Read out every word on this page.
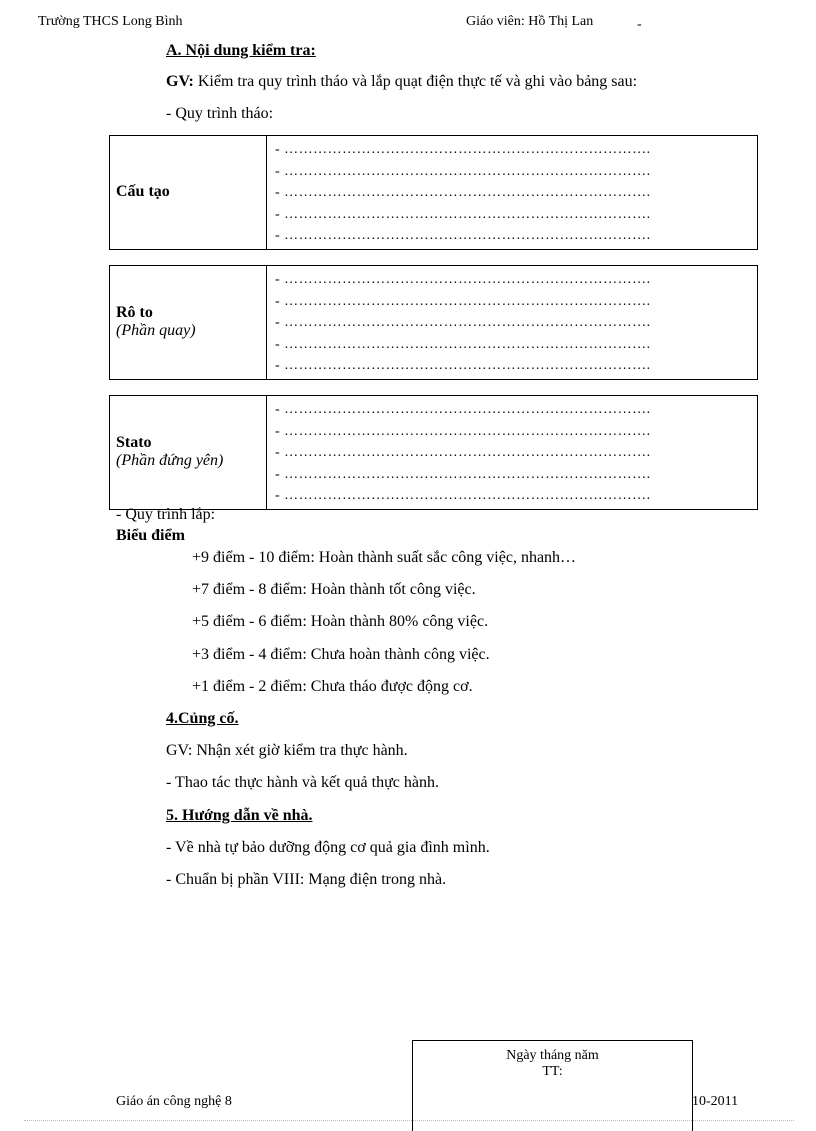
Trường THCS Long Bình	Giáo viên: Hồ Thị Lan	-
A. Nội dung kiểm tra:
GV: Kiểm tra quy trình tháo và lắp quạt điện thực tế và ghi vào bảng sau:
- Quy trình tháo:
Cấu tạo

- ………………………………………………………………….
- ………………………………………………………………….
- ………………………………………………………………….
- ………………………………………………………………….
- ………………………………………………………………….
Rô to
(Phần quay)

- ………………………………………………………………….
- ………………………………………………………………….
- ………………………………………………………………….
- ………………………………………………………………….
- ………………………………………………………………….
Stato
(Phần đứng yên)

- ………………………………………………………………….
- ………………………………………………………………….
- ………………………………………………………………….
- ………………………………………………………………….
- ………………………………………………………………….
- Quy trình lắp:
Biểu điểm
+9 điểm - 10 điểm: Hoàn thành suất sắc công việc, nhanh…
+7 điểm - 8 điểm: Hoàn thành tốt công việc.
+5 điểm - 6 điểm: Hoàn thành 80% công việc.
+3 điểm - 4 điểm: Chưa hoàn thành công việc.
+1 điểm - 2 điểm: Chưa tháo được động cơ.
4.Củng cố.
GV: Nhận xét giờ kiểm tra thực hành.
- Thao tác thực hành và kết quả thực hành.
5. Hướng dẫn về nhà.
- Về nhà tự bảo dưỡng động cơ quả gia đình mình.
- Chuẩn bị phần VIII: Mạng điện trong nhà.
Ngày tháng năm
TT:
Giáo án công nghệ 8	10-2011
